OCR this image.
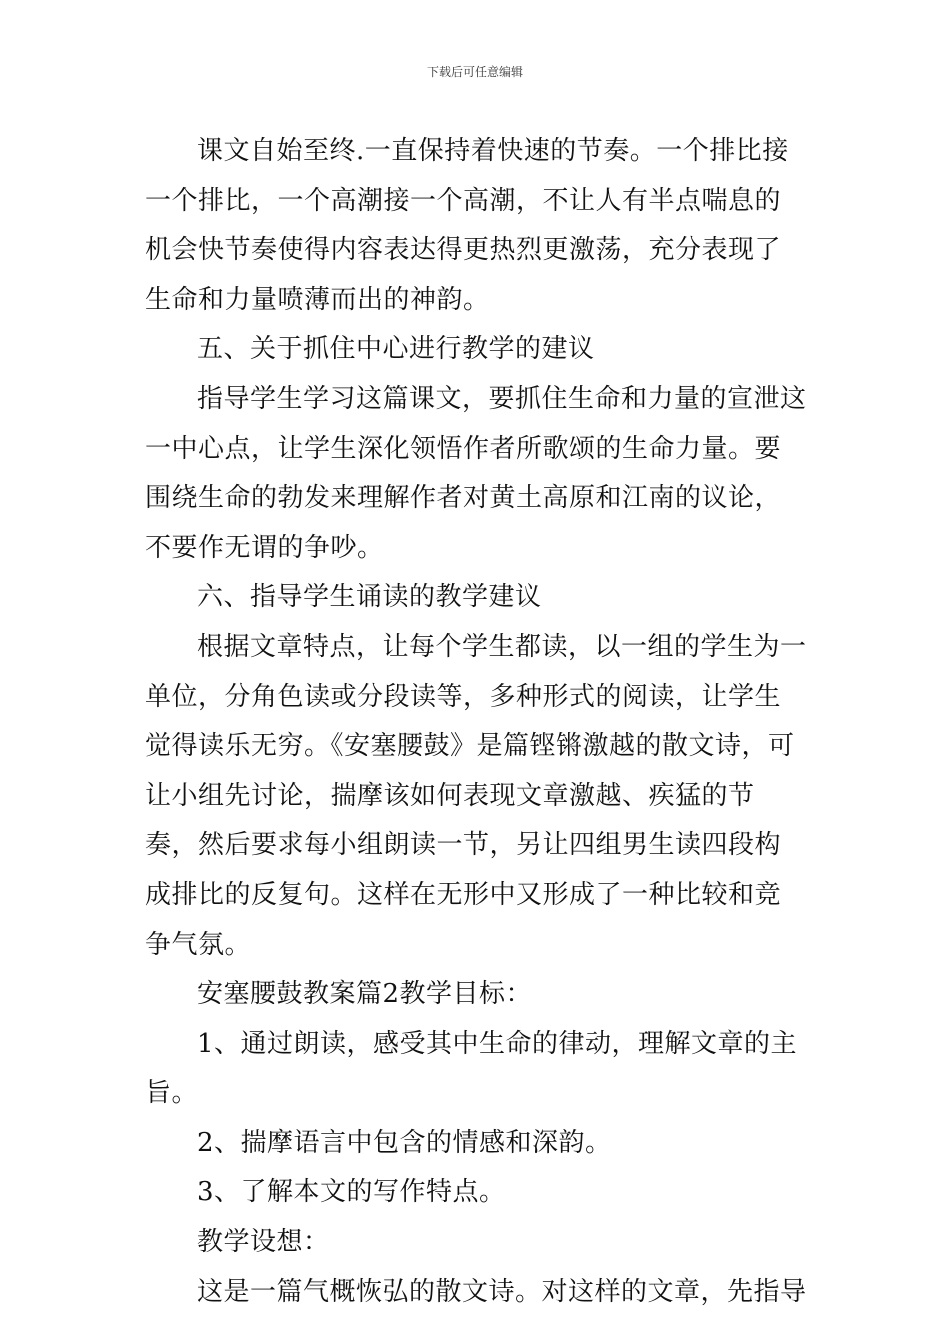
下载后可任意编辑

课文自始至终.一直保持着快速的节奏。一个排比接一个排比，一个高潮接一个高潮，不让人有半点喘息的机会快节奏使得内容表达得更热烈更激荡，充分表现了生命和力量喷薄而出的神韵。

五、关于抓住中心进行教学的建议

指导学生学习这篇课文，要抓住生命和力量的宣泄这一中心点，让学生深化领悟作者所歌颂的生命力量。要围绕生命的勃发来理解作者对黄土高原和江南的议论，不要作无谓的争吵。

六、指导学生诵读的教学建议

根据文章特点，让每个学生都读，以一组的学生为一单位，分角色读或分段读等，多种形式的阅读，让学生觉得读乐无穷。《安塞腰鼓》是篇铿锵激越的散文诗，可让小组先讨论，揣摩该如何表现文章激越、疾猛的节奏，然后要求每小组朗读一节，另让四组男生读四段构成排比的反复句。这样在无形中又形成了一种比较和竞争气氛。

安塞腰鼓教案篇2教学目标：

1、通过朗读，感受其中生命的律动，理解文章的主旨。

2、揣摩语言中包含的情感和深韵。

3、了解本文的写作特点。

教学设想：

这是一篇气概恢弘的散文诗。对这样的文章，先指导
